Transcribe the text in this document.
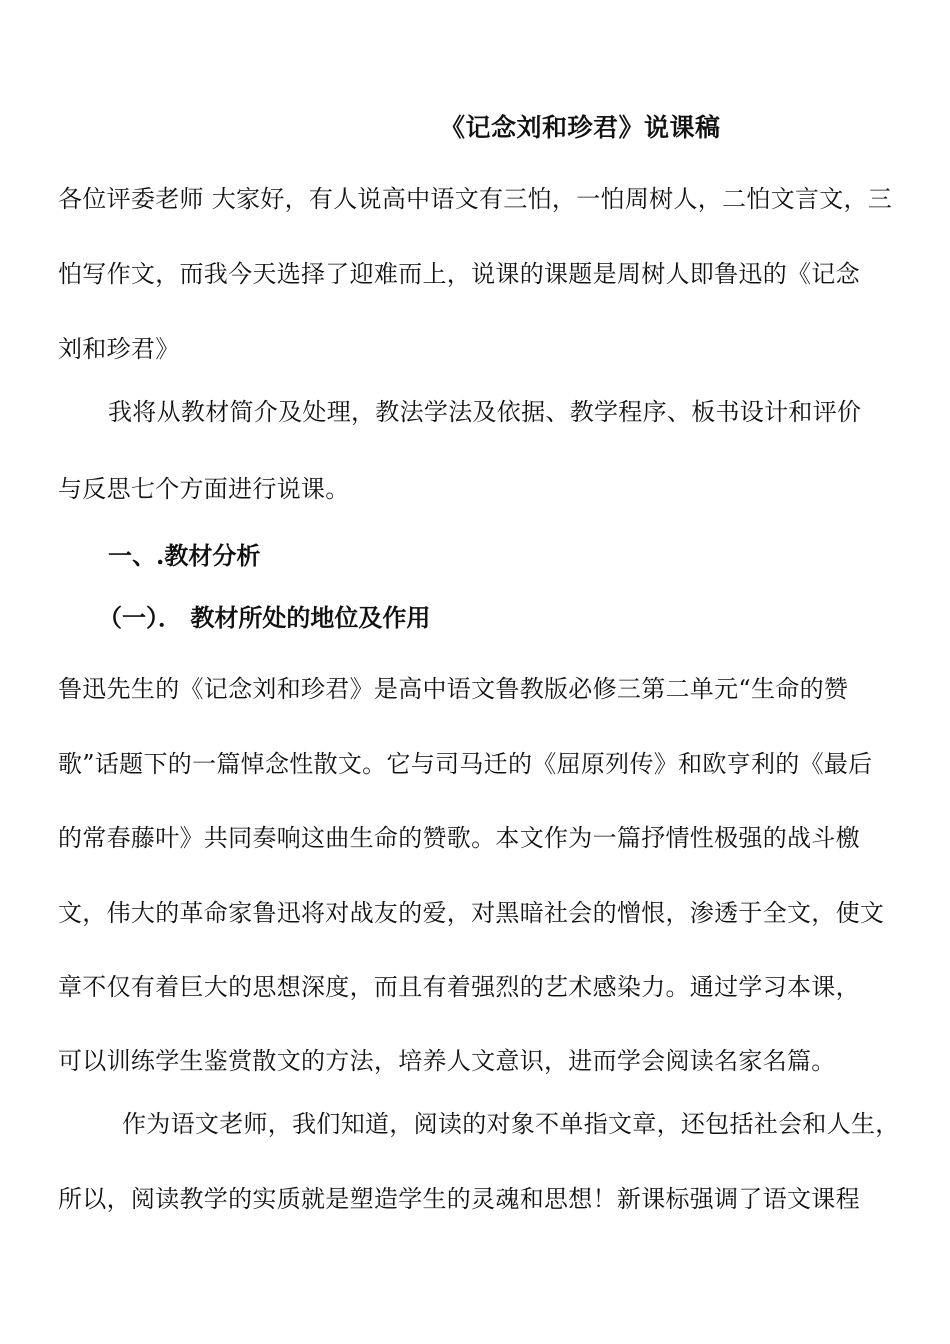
《记念刘和珍君》说课稿
各位评委老师 大家好，有人说高中语文有三怕，一怕周树人，二怕文言文，三
怕写作文，而我今天选择了迎难而上，说课的课题是周树人即鲁迅的《记念
刘和珍君》
我将从教材简介及处理，教法学法及依据、教学程序、板书设计和评价
与反思七个方面进行说课。
一、.教材分析
（一）． 教材所处的地位及作用
鲁迅先生的《记念刘和珍君》是高中语文鲁教版必修三第二单元“生命的赞
歌”话题下的一篇悼念性散文。它与司马迁的《屈原列传》和欧亨利的《最后
的常春藤叶》共同奏响这曲生命的赞歌。本文作为一篇抒情性极强的战斗檄
文，伟大的革命家鲁迅将对战友的爱，对黑暗社会的憎恨，渗透于全文，使文
章不仅有着巨大的思想深度，而且有着强烈的艺术感染力。通过学习本课，
可以训练学生鉴赏散文的方法，培养人文意识，进而学会阅读名家名篇。
作为语文老师，我们知道，阅读的对象不单指文章，还包括社会和人生，
所以，阅读教学的实质就是塑造学生的灵魂和思想！新课标强调了语文课程
